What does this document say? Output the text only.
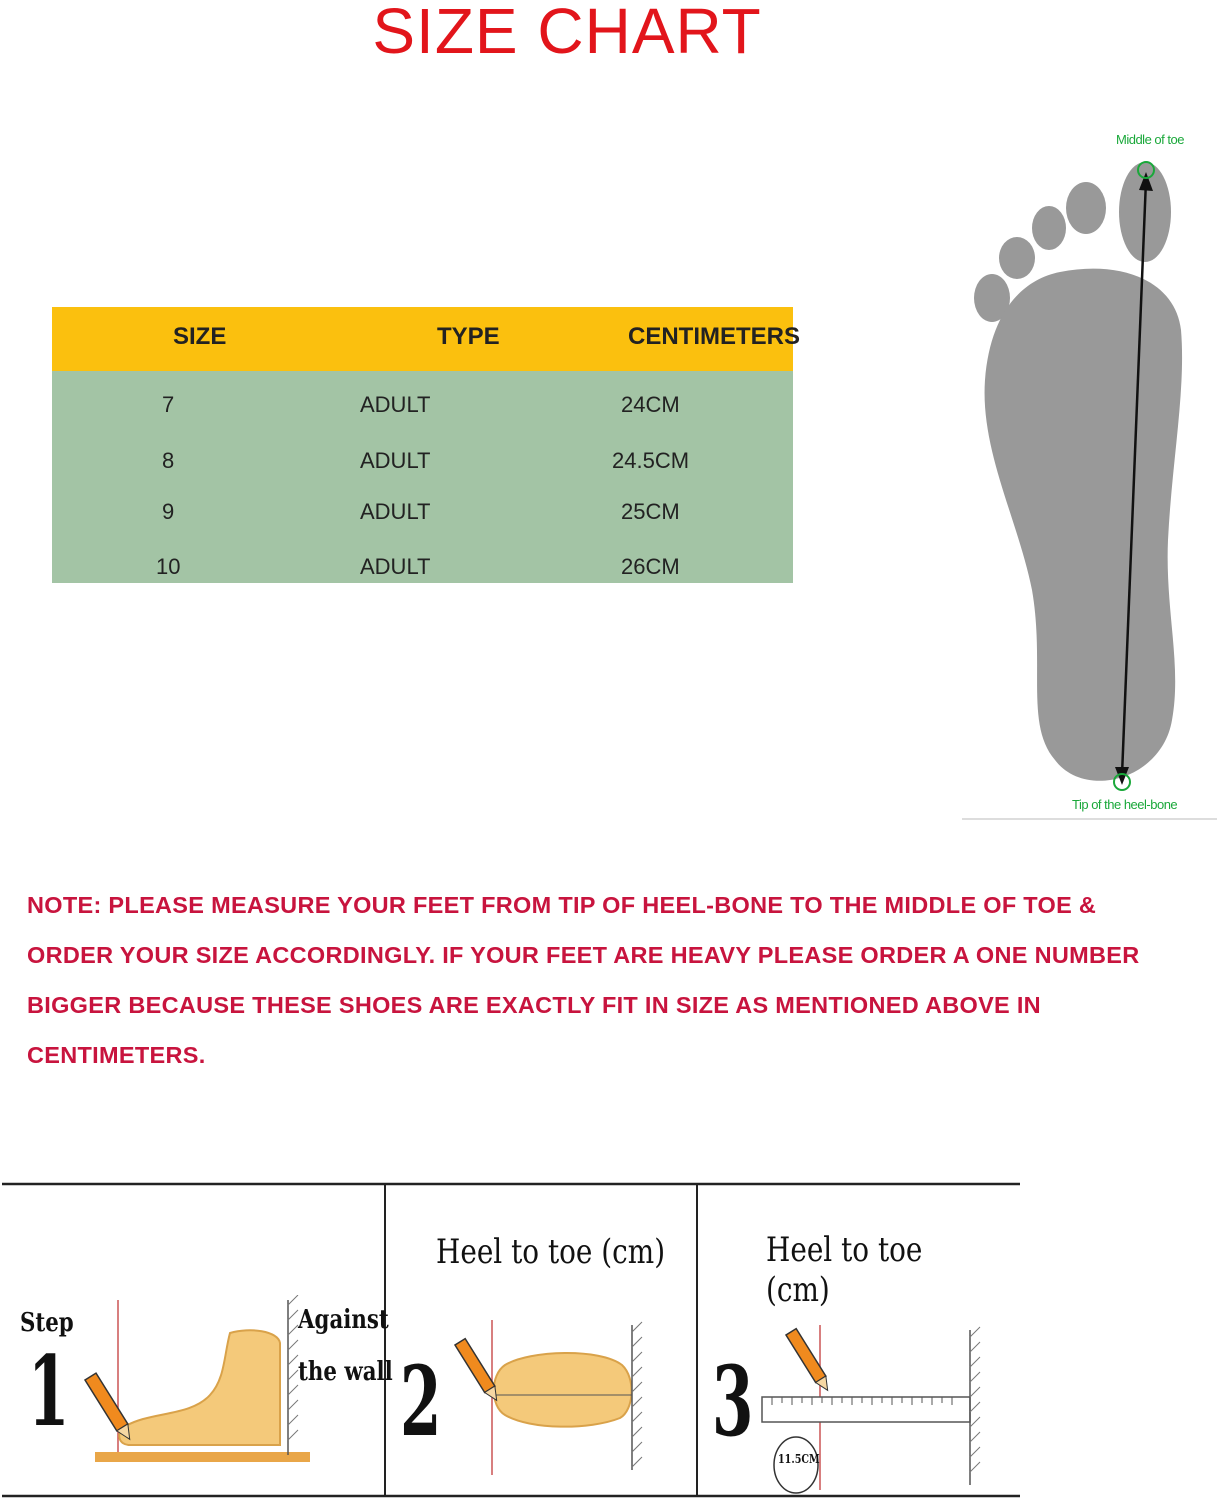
SIZE CHART
SIZE	TYPE	CENTIMETERS
7	ADULT	24CM
8	ADULT	24.5CM
9	ADULT	25CM
10	ADULT	26CM
Middle of toe
Tip of the heel-bone
NOTE: PLEASE MEASURE YOUR FEET FROM TIP OF HEEL-BONE TO THE MIDDLE OF TOE & ORDER YOUR SIZE ACCORDINGLY. IF YOUR FEET ARE HEAVY PLEASE ORDER A ONE NUMBER BIGGER BECAUSE THESE SHOES ARE EXACTLY FIT IN SIZE AS MENTIONED ABOVE IN CENTIMETERS.
Step
1
Against
the wall
Heel to toe (cm)
2
Heel to toe (cm)
3
11.5CM
